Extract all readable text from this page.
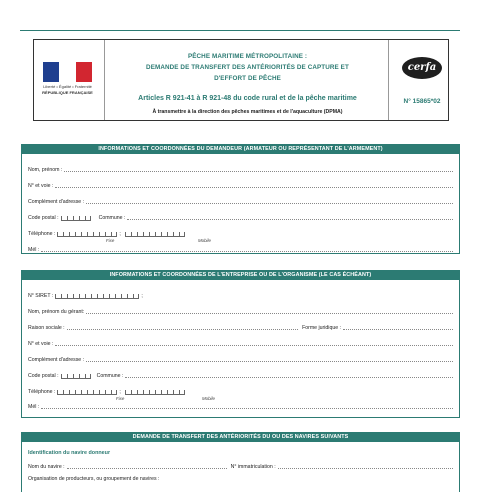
Liberté • Égalité • Fraternité
RÉPUBLIQUE FRANÇAISE
PÊCHE MARITIME MÉTROPOLITAINE :
DEMANDE DE TRANSFERT DES ANTÉRIORITÉS DE CAPTURE ET
D'EFFORT DE PÊCHE
Articles R 921-41 à R 921-48 du code rural et de la pêche maritime
À transmettre à la direction des pêches maritimes et de l'aquaculture (DPMA)
cerfa
N° 15865*02
INFORMATIONS ET COORDONNÉES DU DEMANDEUR (ARMATEUR OU REPRÉSENTANT DE L'ARMEMENT)
Nom, prénom :
N° et voie :
Complément d'adresse :
Code postal :	Commune :
Téléphone :	;
Fixe	Mobile
Mél :
INFORMATIONS ET COORDONNÉES DE L'ENTREPRISE OU DE L'ORGANISME (LE CAS ÉCHÉANT)
N° SIRET :	;
Nom, prénom du gérant:
Raison sociale :	Forme juridique :
N° et voie :
Complément d'adresse :
Code postal :	Commune :
Téléphone :	;
Fixe	Mobile
Mél :
DEMANDE DE TRANSFERT DES ANTÉRIORITÉS DU OU DES NAVIRES SUIVANTS
Identification du navire donneur
Nom du navire :	N° immatriculation :
Organisation de producteurs, ou groupement de navires :
